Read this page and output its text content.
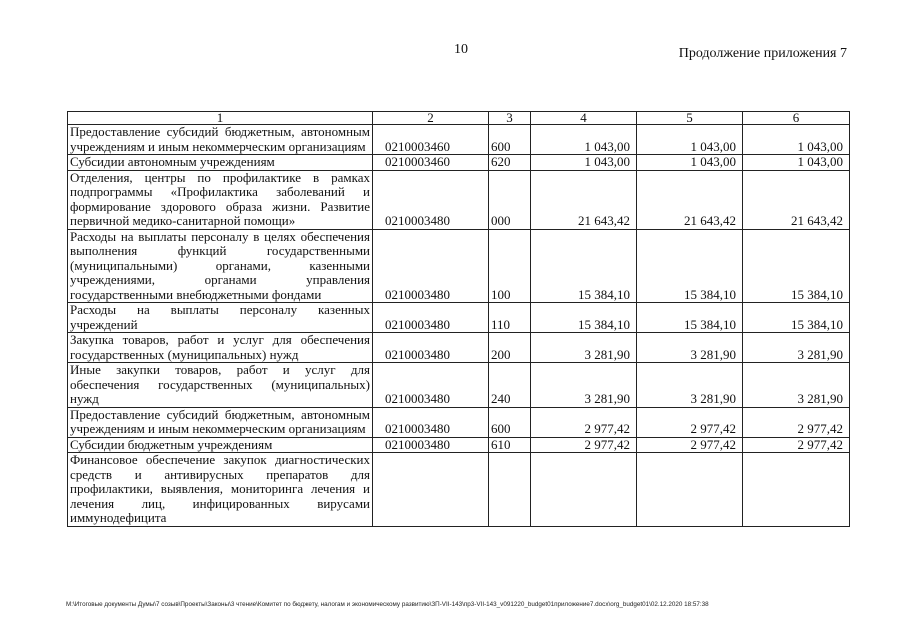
10	Продолжение приложения 7
1	2	3	4	5	6
Предоставление субсидий бюджетным, автономным учреждениям и иным некоммерческим организациям	0210003460	600	1 043,00	1 043,00	1 043,00
Субсидии автономным учреждениям	0210003460	620	1 043,00	1 043,00	1 043,00
Отделения, центры по профилактике в рамках подпрограммы «Профилактика заболеваний и формирование здорового образа жизни. Развитие первичной медико-санитарной помощи»	0210003480	000	21 643,42	21 643,42	21 643,42
Расходы на выплаты персоналу в целях обеспечения выполнения функций государственными (муниципальными) органами, казенными учреждениями, органами управления государственными внебюджетными фондами	0210003480	100	15 384,10	15 384,10	15 384,10
Расходы на выплаты персоналу казенных учреждений	0210003480	110	15 384,10	15 384,10	15 384,10
Закупка товаров, работ и услуг для обеспечения государственных (муниципальных) нужд	0210003480	200	3 281,90	3 281,90	3 281,90
Иные закупки товаров, работ и услуг для обеспечения государственных (муниципальных) нужд	0210003480	240	3 281,90	3 281,90	3 281,90
Предоставление субсидий бюджетным, автономным учреждениям и иным некоммерческим организациям	0210003480	600	2 977,42	2 977,42	2 977,42
Субсидии бюджетным учреждениям	0210003480	610	2 977,42	2 977,42	2 977,42
Финансовое обеспечение закупок диагностических средств и антивирусных препаратов для профилактики, выявления, мониторинга лечения и лечения лиц, инфицированных вирусами иммунодефицита					
M:\Итоговые документы Думы\7 созыв\Проекты\Законы\3 чтение\Комитет по бюджету, налогам и экономическому развитию\ЗП-VII-143\пр3-VII-143_v091220_budget01приложение7.docx\org_budget01\02.12.2020 18:57:38
